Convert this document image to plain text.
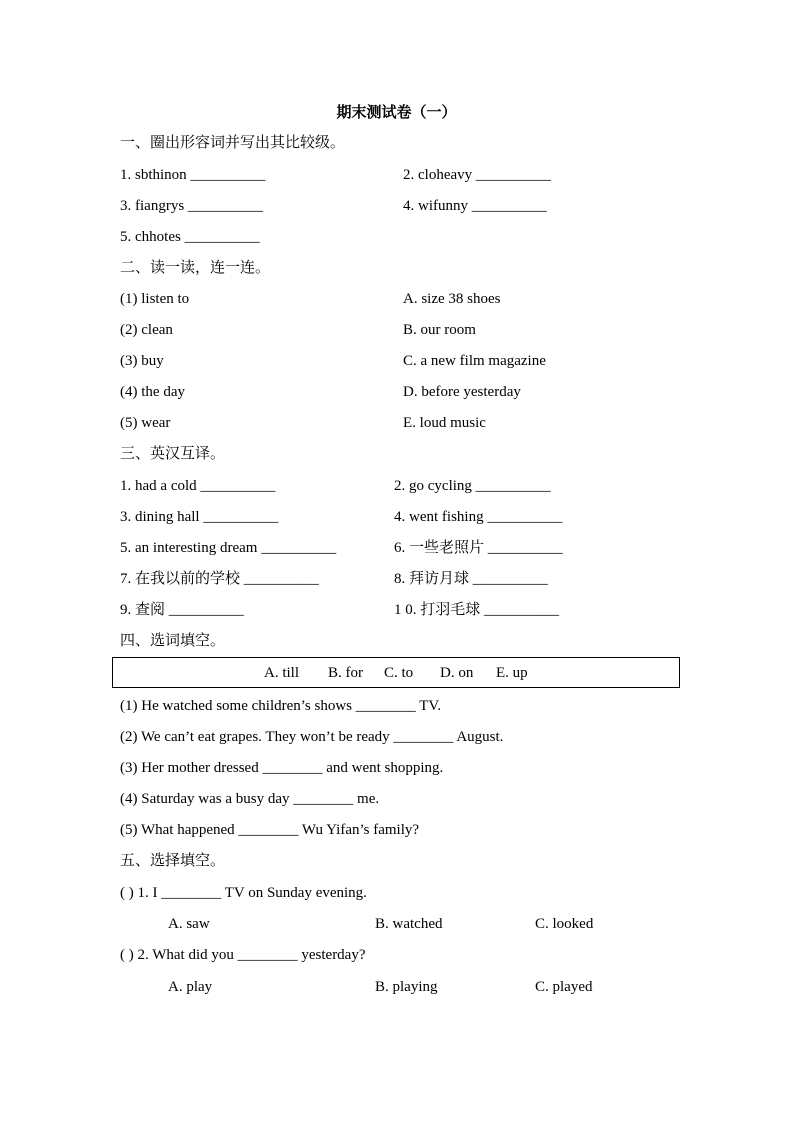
期末测试卷（一）
一、圈出形容词并写出其比较级。
1. sbthinon __________	2. cloheavy __________
3. fiangrys __________	4. wifunny __________
5. chhotes __________
二、读一读，连一连。
(1) listen to	A. size 38 shoes
(2) clean	B. our room
(3) buy	C. a new film magazine
(4) the day	D. before yesterday
(5) wear	E. loud music
三、英汉互译。
1. had a cold __________	2. go cycling __________
3. dining hall __________	4. went fishing __________
5. an interesting dream __________	6. 一些老照片 __________
7. 在我以前的学校 __________	8. 拜访月球 __________
9. 查阅 __________	1 0. 打羽毛球 __________
四、选词填空。
A. till B. for C. to D. on E. up
(1) He watched some children’s shows ________ TV.
(2) We can’t eat grapes. They won’t be ready ________ August.
(3) Her mother dressed ________ and went shopping.
(4) Saturday was a busy day ________ me.
(5) What happened ________ Wu Yifan’s family?
五、选择填空。
( ) 1. I ________ TV on Sunday evening.
A. saw	B. watched	C. looked
( ) 2. What did you ________ yesterday?
A. play	B. playing	C. played
